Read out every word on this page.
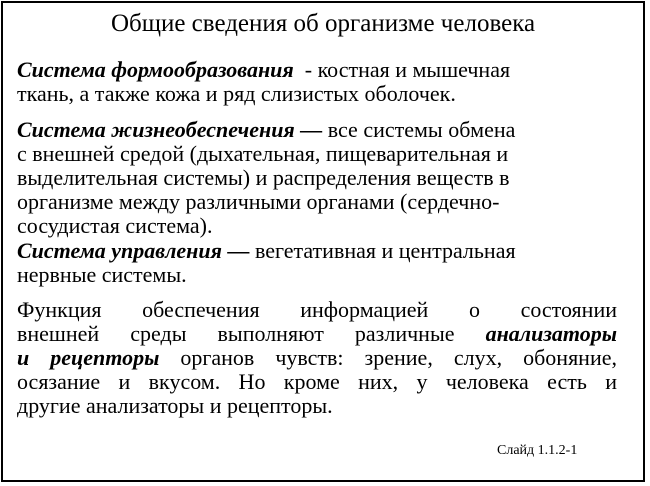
Общие сведения об организме человека
Система формообразования  - костная и мышечная
ткань, а также кожа и ряд слизистых оболочек.
Система жизнеобеспечения — все системы обмена
с внешней средой (дыхательная, пищеварительная и
выделительная системы) и распределения веществ в
организме между различными органами (сердечно-
сосудистая система).
Система управления — вегетативная и центральная
нервные системы.
Функция обеспечения информацией о состоянии
внешней среды выполняют различные анализаторы
и рецепторы органов чувств: зрение, слух, обоняние,
осязание и вкусом. Но кроме них, у человека есть и
другие анализаторы и рецепторы.
Слайд 1.1.2-1
